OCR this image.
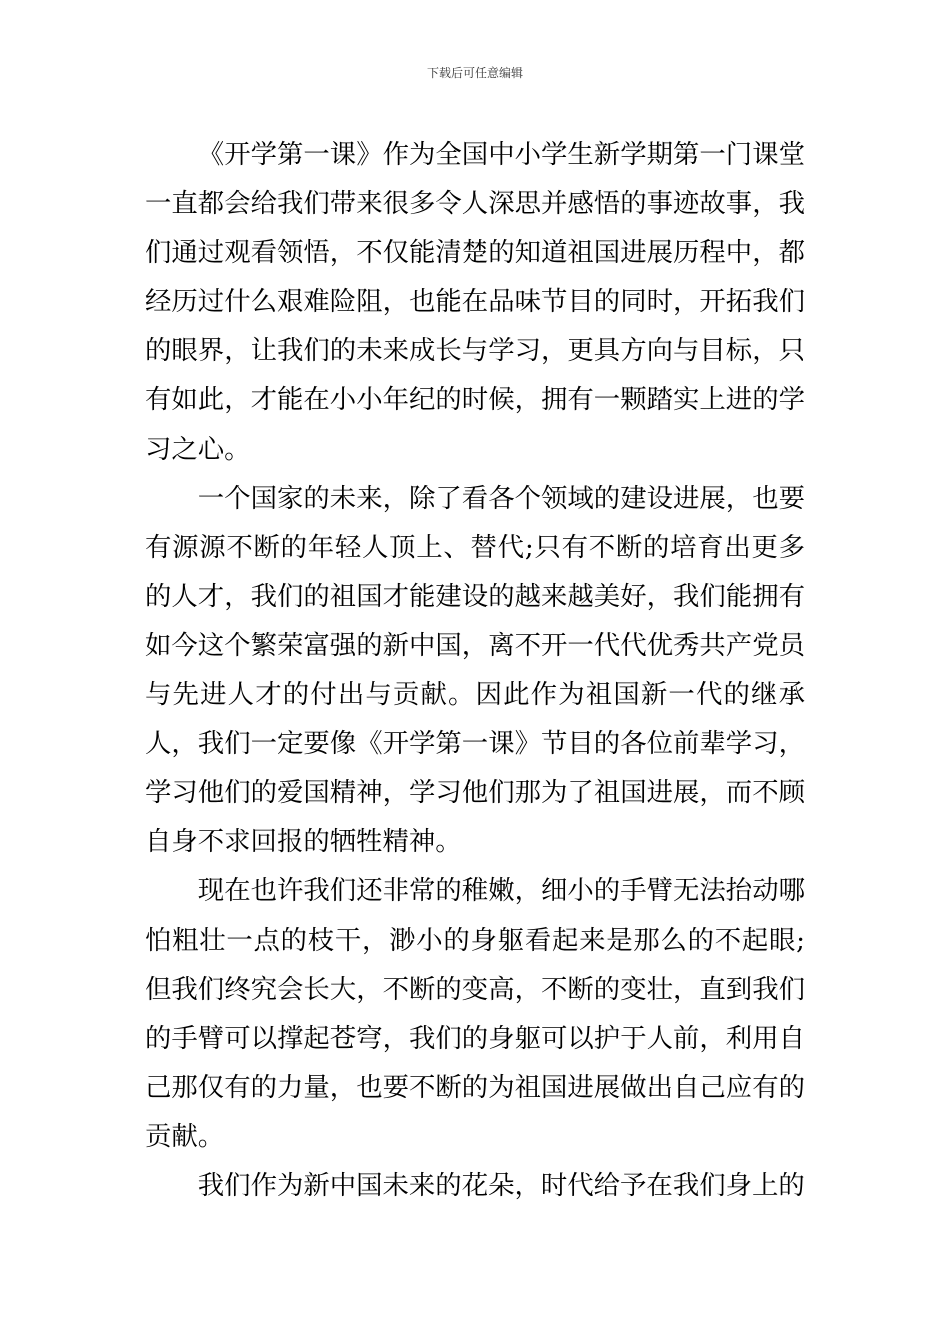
下载后可任意编辑

《开学第一课》作为全国中小学生新学期第一门课堂一直都会给我们带来很多令人深思并感悟的事迹故事，我们通过观看领悟，不仅能清楚的知道祖国进展历程中，都经历过什么艰难险阻，也能在品味节目的同时，开拓我们的眼界，让我们的未来成长与学习，更具方向与目标，只有如此，才能在小小年纪的时候，拥有一颗踏实上进的学习之心。

一个国家的未来，除了看各个领域的建设进展，也要有源源不断的年轻人顶上、替代;只有不断的培育出更多的人才，我们的祖国才能建设的越来越美好，我们能拥有如今这个繁荣富强的新中国，离不开一代代优秀共产党员与先进人才的付出与贡献。因此作为祖国新一代的继承人，我们一定要像《开学第一课》节目的各位前辈学习，学习他们的爱国精神，学习他们那为了祖国进展，而不顾自身不求回报的牺牲精神。

现在也许我们还非常的稚嫩，细小的手臂无法抬动哪怕粗壮一点的枝干，渺小的身躯看起来是那么的不起眼;但我们终究会长大，不断的变高，不断的变壮，直到我们的手臂可以撑起苍穹，我们的身躯可以护于人前，利用自己那仅有的力量，也要不断的为祖国进展做出自己应有的贡献。

我们作为新中国未来的花朵，时代给予在我们身上的
